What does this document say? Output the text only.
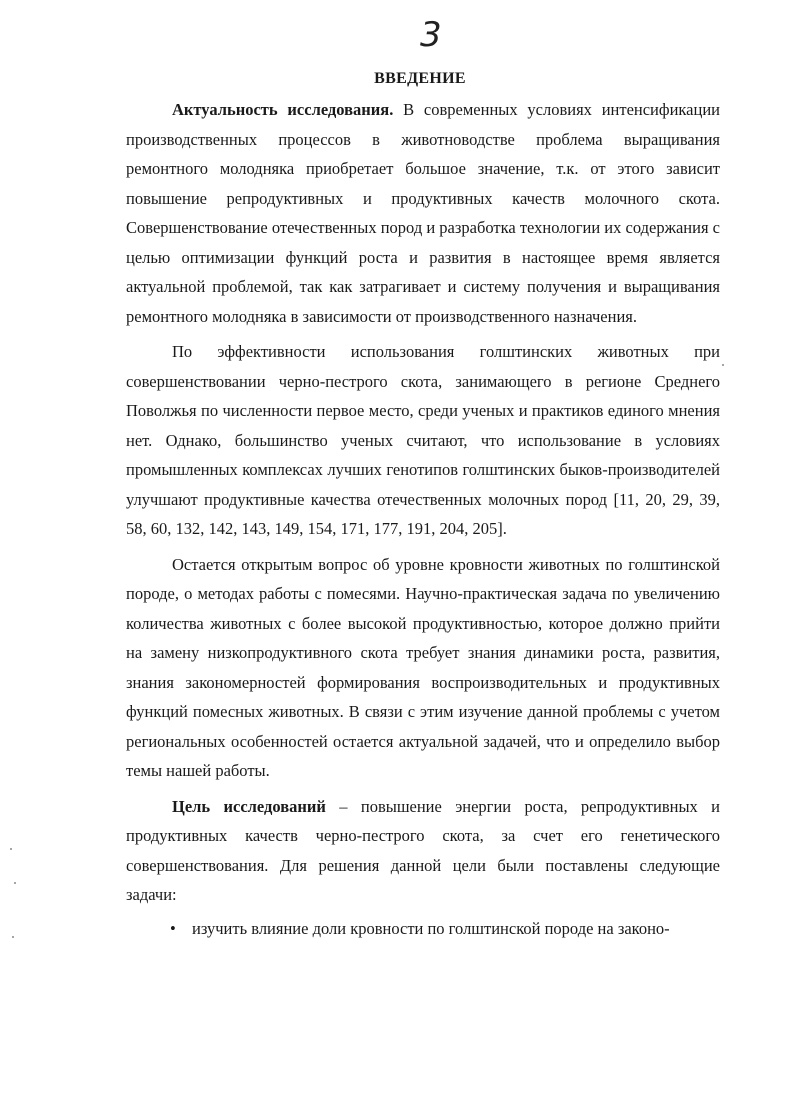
3
ВВЕДЕНИЕ

Актуальность исследования. В современных условиях интенсификации производственных процессов в животноводстве проблема выращивания ремонтного молодняка приобретает большое значение, т.к. от этого зависит повышение репродуктивных и продуктивных качеств молочного скота. Совершенствование отечественных пород и разработка технологии их содержания с целью оптимизации функций роста и развития в настоящее время является актуальной проблемой, так как затрагивает и систему получения и выращивания ремонтного молодняка в зависимости от производственного назначения.

По эффективности использования голштинских животных при совершенствовании черно-пестрого скота, занимающего в регионе Среднего Поволжья по численности первое место, среди ученых и практиков единого мнения нет. Однако, большинство ученых считают, что использование в условиях промышленных комплексах лучших генотипов голштинских быков-производителей улучшают продуктивные качества отечественных молочных пород [11, 20, 29, 39, 58, 60, 132, 142, 143, 149, 154, 171, 177, 191, 204, 205].

Остается открытым вопрос об уровне кровности животных по голштинской породе, о методах работы с помесями. Научно-практическая задача по увеличению количества животных с более высокой продуктивностью, которое должно прийти на замену низкопродуктивного скота требует знания динамики роста, развития, знания закономерностей формирования воспроизводительных и продуктивных функций помесных животных. В связи с этим изучение данной проблемы с учетом региональных особенностей остается актуальной задачей, что и определило выбор темы нашей работы.

Цель исследований – повышение энергии роста, репродуктивных и продуктивных качеств черно-пестрого скота, за счет его генетического совершенствования. Для решения данной цели были поставлены следующие задачи:

• изучить влияние доли кровности по голштинской породе на законо-
